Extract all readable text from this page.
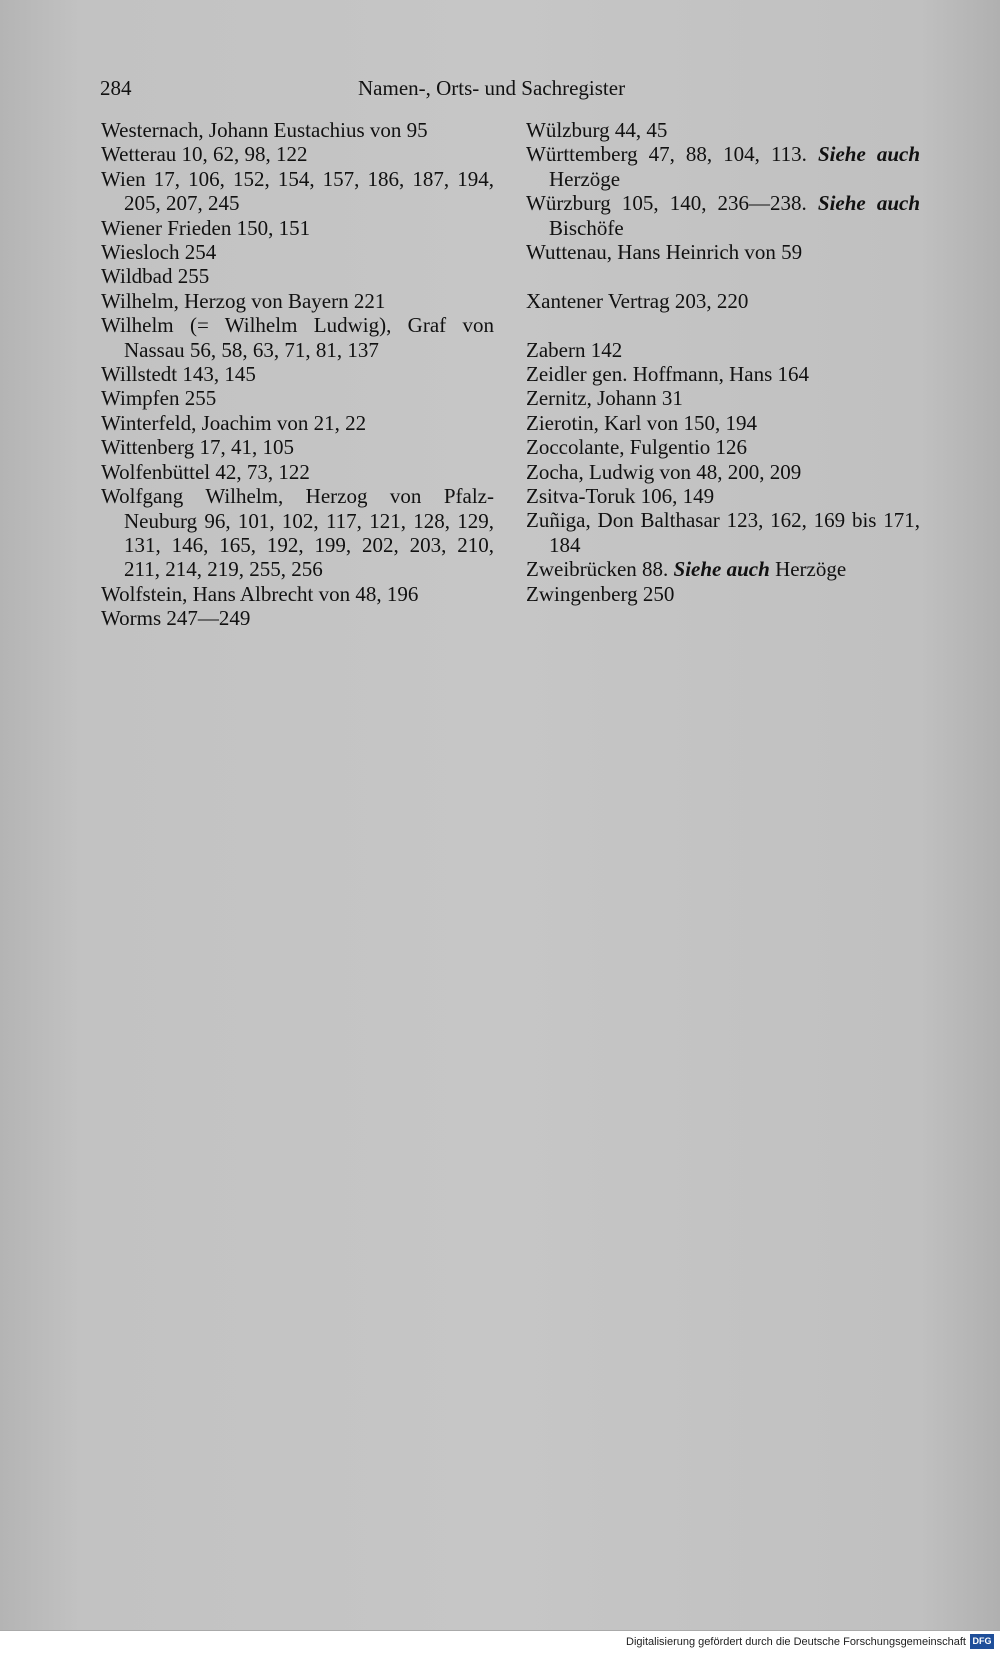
284	Namen-, Orts- und Sachregister

Westernach, Johann Eustachius von 95

Wetterau 10, 62, 98, 122

Wien 17, 106, 152, 154, 157, 186, 187, 194, 205, 207, 245

Wiener Frieden 150, 151

Wiesloch 254

Wildbad 255

Wilhelm, Herzog von Bayern 221

Wilhelm (= Wilhelm Ludwig), Graf von Nassau 56, 58, 63, 71, 81, 137

Willstedt 143, 145

Wimpfen 255

Winterfeld, Joachim von 21, 22

Wittenberg 17, 41, 105

Wolfenbüttel 42, 73, 122

Wolfgang Wilhelm, Herzog von Pfalz-Neuburg 96, 101, 102, 117, 121, 128, 129, 131, 146, 165, 192, 199, 202, 203, 210, 211, 214, 219, 255, 256

Wolfstein, Hans Albrecht von 48, 196

Worms 247—249

Wülzburg 44, 45

Württemberg 47, 88, 104, 113. Siehe auch Herzöge

Würzburg 105, 140, 236—238. Siehe auch Bischöfe

Wuttenau, Hans Heinrich von 59

Xantener Vertrag 203, 220

Zabern 142

Zeidler gen. Hoffmann, Hans 164

Zernitz, Johann 31

Zierotin, Karl von 150, 194

Zoccolante, Fulgentio 126

Zocha, Ludwig von 48, 200, 209

Zsitva-Toruk 106, 149

Zuñiga, Don Balthasar 123, 162, 169 bis 171, 184

Zweibrücken 88. Siehe auch Herzöge

Zwingenberg 250

Digitalisierung gefördert durch die Deutsche Forschungsgemeinschaft DFG
